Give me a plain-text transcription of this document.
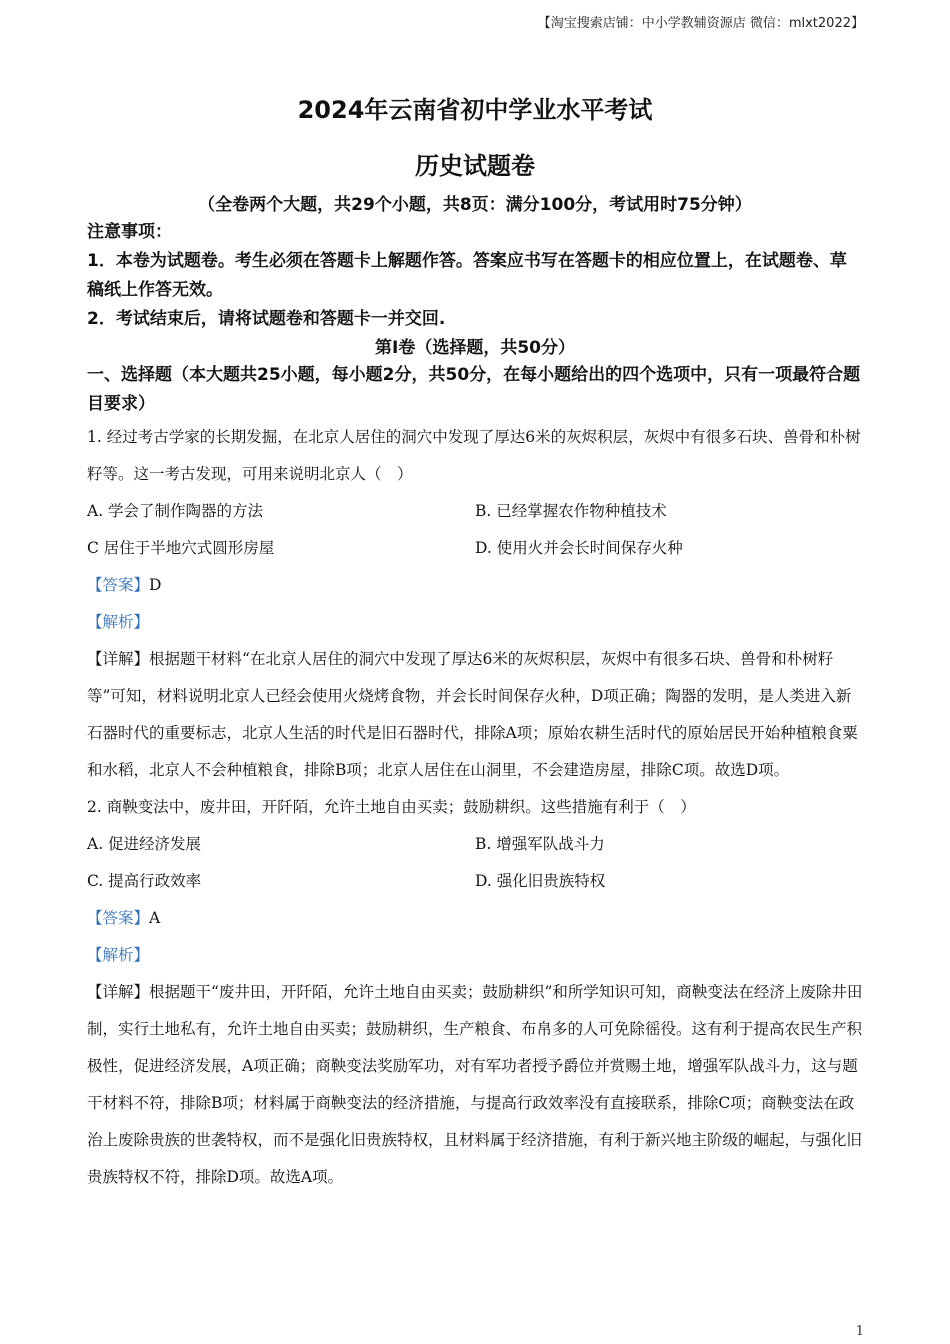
【淘宝搜索店铺：中小学教辅资源店 微信：mlxt2022】
2024年云南省初中学业水平考试
历史试题卷
（全卷两个大题，共29个小题，共8页：满分100分，考试用时75分钟）
注意事项：
1．本卷为试题卷。考生必须在答题卡上解题作答。答案应书写在答题卡的相应位置上，在试题卷、草稿纸上作答无效。
2．考试结束后，请将试题卷和答题卡一并交回.
第Ⅰ卷（选择题，共50分）
一、选择题（本大题共25小题，每小题2分，共50分，在每小题给出的四个选项中，只有一项最符合题目要求）
1. 经过考古学家的长期发掘，在北京人居住的洞穴中发现了厚达6米的灰烬积层，灰烬中有很多石块、兽骨和朴树籽等。这一考古发现，可用来说明北京人（　）
A. 学会了制作陶器的方法	B. 已经掌握农作物种植技术
C 居住于半地穴式圆形房屋	D. 使用火并会长时间保存火种
【答案】D
【解析】
【详解】根据题干材料“在北京人居住的洞穴中发现了厚达6米的灰烬积层，灰烬中有很多石块、兽骨和朴树籽等”可知，材料说明北京人已经会使用火烧烤食物，并会长时间保存火种，D项正确；陶器的发明，是人类进入新石器时代的重要标志，北京人生活的时代是旧石器时代，排除A项；原始农耕生活时代的原始居民开始种植粮食粟和水稻，北京人不会种植粮食，排除B项；北京人居住在山洞里，不会建造房屋，排除C项。故选D项。
2. 商鞅变法中，废井田，开阡陌，允许土地自由买卖；鼓励耕织。这些措施有利于（　）
A. 促进经济发展	B. 增强军队战斗力
C. 提高行政效率	D. 强化旧贵族特权
【答案】A
【解析】
【详解】根据题干“废井田，开阡陌，允许土地自由买卖；鼓励耕织”和所学知识可知，商鞅变法在经济上废除井田制，实行土地私有，允许土地自由买卖；鼓励耕织，生产粮食、布帛多的人可免除徭役。这有利于提高农民生产积极性，促进经济发展，A项正确；商鞅变法奖励军功，对有军功者授予爵位并赏赐土地，增强军队战斗力，这与题干材料不符，排除B项；材料属于商鞅变法的经济措施，与提高行政效率没有直接联系，排除C项；商鞅变法在政治上废除贵族的世袭特权，而不是强化旧贵族特权，且材料属于经济措施，有利于新兴地主阶级的崛起，与强化旧贵族特权不符，排除D项。故选A项。
1
